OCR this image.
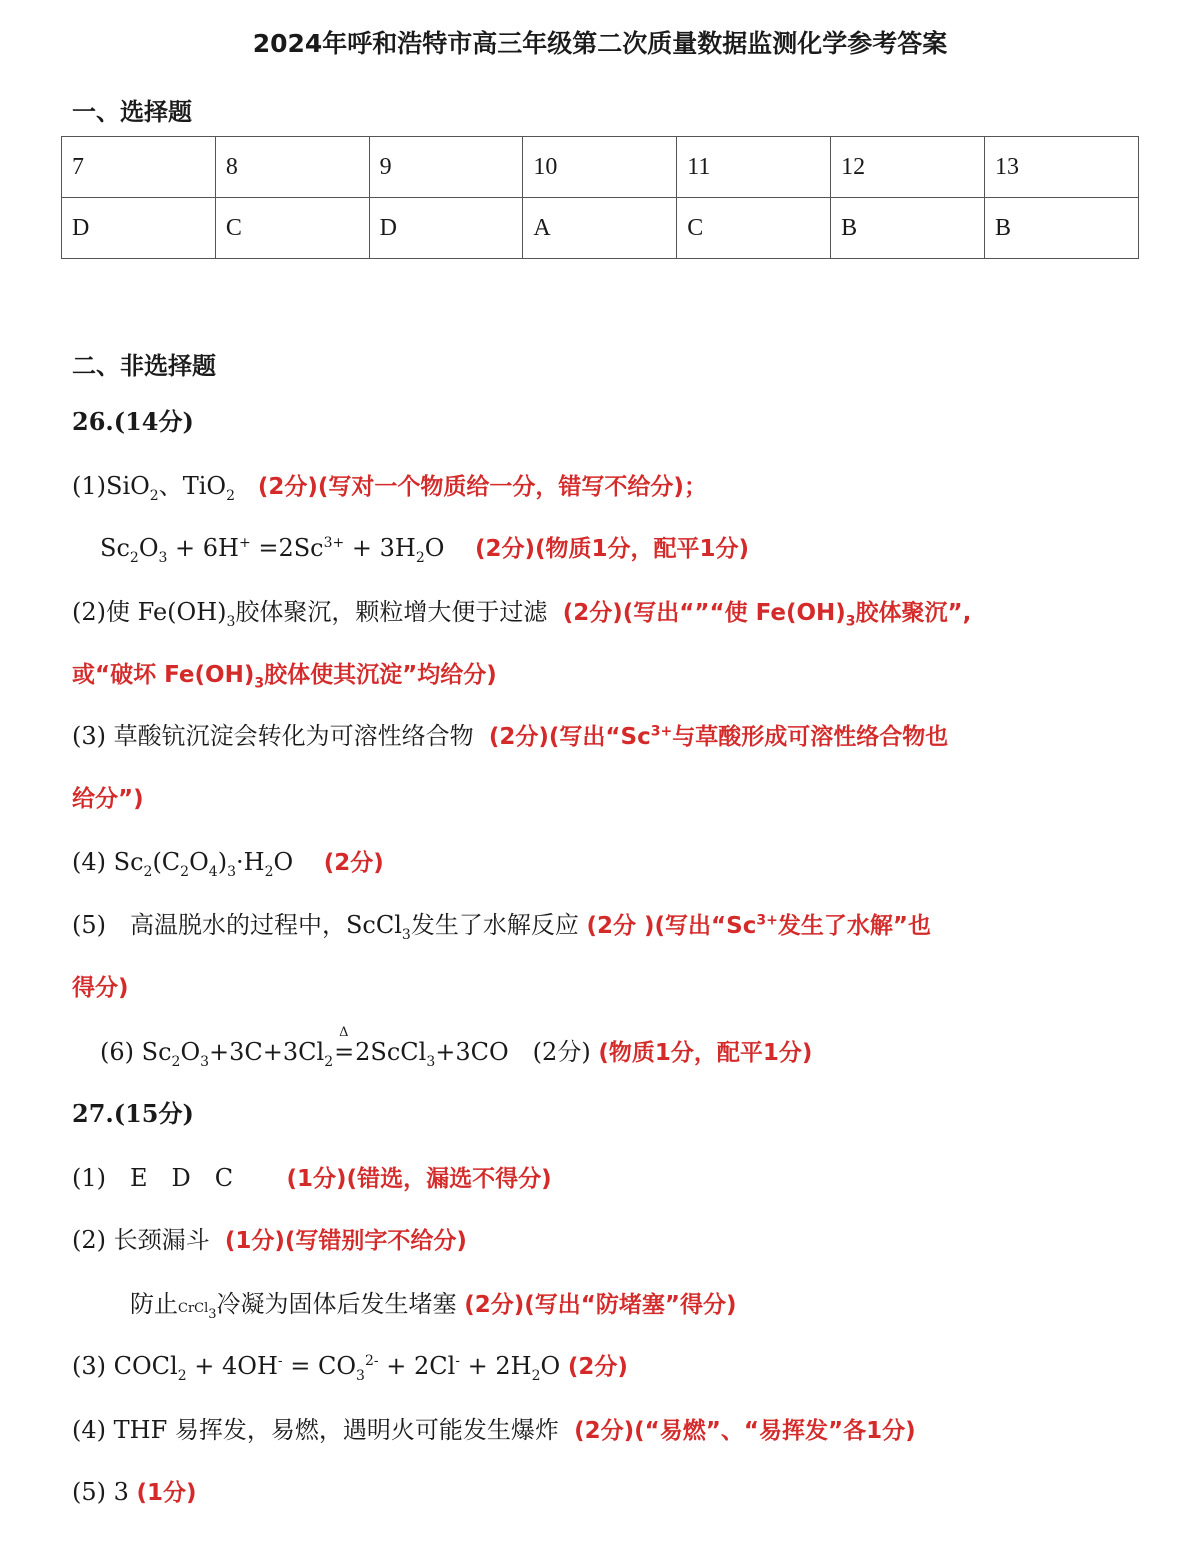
2024年呼和浩特市高三年级第二次质量数据监测化学参考答案
一、选择题
7	8	9	10	11	12	13
D	C	D	A	C	B	B
二、非选择题
26.(14分)
(1)SiO$_2$、TiO$_2$ (2分)(写对一个物质给一分，错写不给分)；
$Sc_2O_3 + 6H^+ =2Sc^{3+} + 3H_2O$    (2分)(物质1分，配平1分)
(2)使 $Fe(OH)_3$胶体聚沉，颗粒增大便于过滤 (2分)(写出“”“使 $Fe(OH)_3$胶体聚沉”,
或“破坏 $Fe(OH)_3$胶体使其沉淀”均给分)
(3) 草酸钪沉淀会转化为可溶性络合物 (2分)(写出“$Sc^{3+}$与草酸形成可溶性络合物也
给分”)
(4) $Sc_2(C_2O_4)_3\cdot H_2O$    (2分)
(5)　高温脱水的过程中，ScCl$_3$发生了水解反应 (2分 )(写出“$Sc^{3+}$发生了水解”也
得分)
(6) $Sc_2O_3+3C+3Cl_2$
Δ
=2ScCl$_3$+3CO　(2分) (物质1分，配平1分)
27.(15分)
(1)　E　D　C (1分)(错选，漏选不得分)
(2) 长颈漏斗 (1分)(写错别字不给分)
防止CrCl$_3$冷凝为固体后发生堵塞 (2分)(写出“防堵塞”得分)
(3) COCl$_2$ + $4OH^- = CO_3^{2-} + 2Cl^- + 2H_2O$ (2分)
(4) THF 易挥发，易燃，遇明火可能发生爆炸 (2分)(“易燃”、“易挥发”各1分)
(5) 3 (1分)
